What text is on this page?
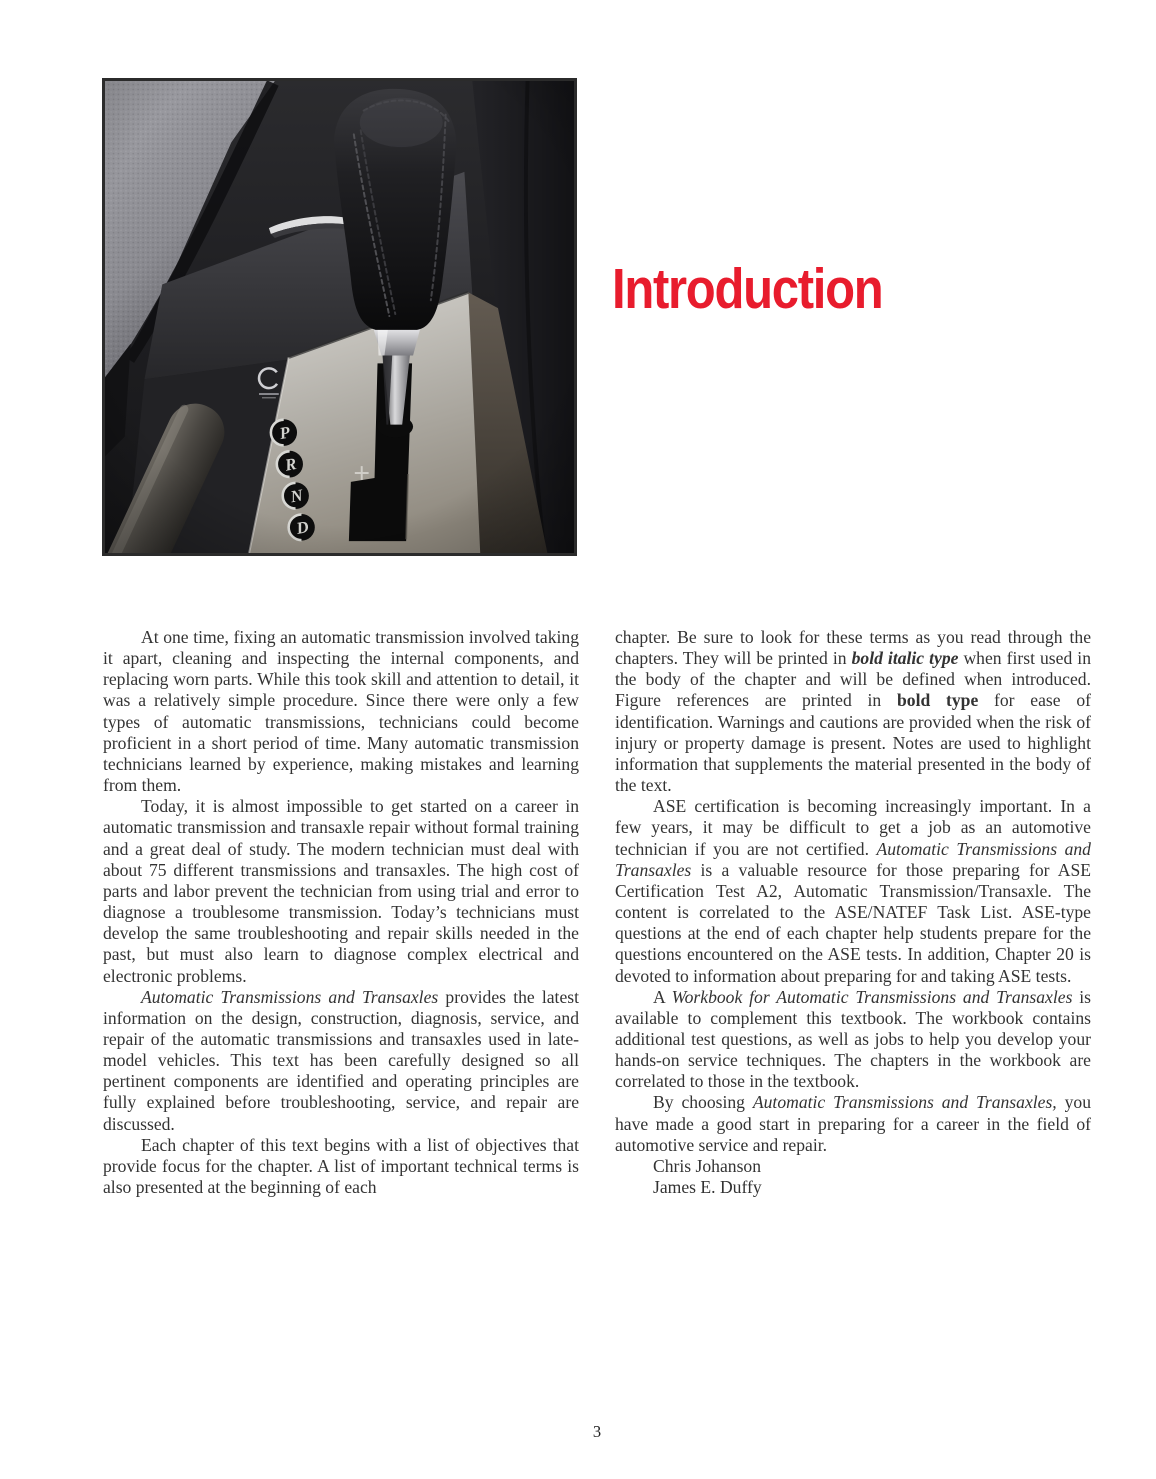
Introduction

At one time, fixing an automatic transmission involved taking it apart, cleaning and inspecting the internal components, and replacing worn parts. While this took skill and attention to detail, it was a relatively simple procedure. Since there were only a few types of automatic transmissions, technicians could become proficient in a short period of time. Many automatic transmission technicians learned by experience, making mistakes and learning from them.

Today, it is almost impossible to get started on a career in automatic transmission and transaxle repair without formal training and a great deal of study. The modern technician must deal with about 75 different transmissions and transaxles. The high cost of parts and labor prevent the technician from using trial and error to diagnose a troublesome transmission. Today’s technicians must develop the same troubleshooting and repair skills needed in the past, but must also learn to diagnose complex electrical and electronic problems.

Automatic Transmissions and Transaxles provides the latest information on the design, construction, diagnosis, service, and repair of the automatic transmissions and transaxles used in late-model vehicles. This text has been carefully designed so all pertinent components are identified and operating principles are fully explained before troubleshooting, service, and repair are discussed.

Each chapter of this text begins with a list of objectives that provide focus for the chapter. A list of important technical terms is also presented at the beginning of each

chapter. Be sure to look for these terms as you read through the chapters. They will be printed in bold italic type when first used in the body of the chapter and will be defined when introduced. Figure references are printed in bold type for ease of identification. Warnings and cautions are provided when the risk of injury or property damage is present. Notes are used to highlight information that supplements the material presented in the body of the text.

ASE certification is becoming increasingly important. In a few years, it may be difficult to get a job as an automotive technician if you are not certified. Automatic Transmissions and Transaxles is a valuable resource for those preparing for ASE Certification Test A2, Automatic Transmission/Transaxle. The content is correlated to the ASE/NATEF Task List. ASE-type questions at the end of each chapter help students prepare for the questions encountered on the ASE tests. In addition, Chapter 20 is devoted to information about preparing for and taking ASE tests.

A Workbook for Automatic Transmissions and Transaxles is available to complement this textbook. The workbook contains additional test questions, as well as jobs to help you develop your hands-on service techniques. The chapters in the workbook are correlated to those in the textbook.

By choosing Automatic Transmissions and Transaxles, you have made a good start in preparing for a career in the field of automotive service and repair.

Chris Johanson

James E. Duffy

3
